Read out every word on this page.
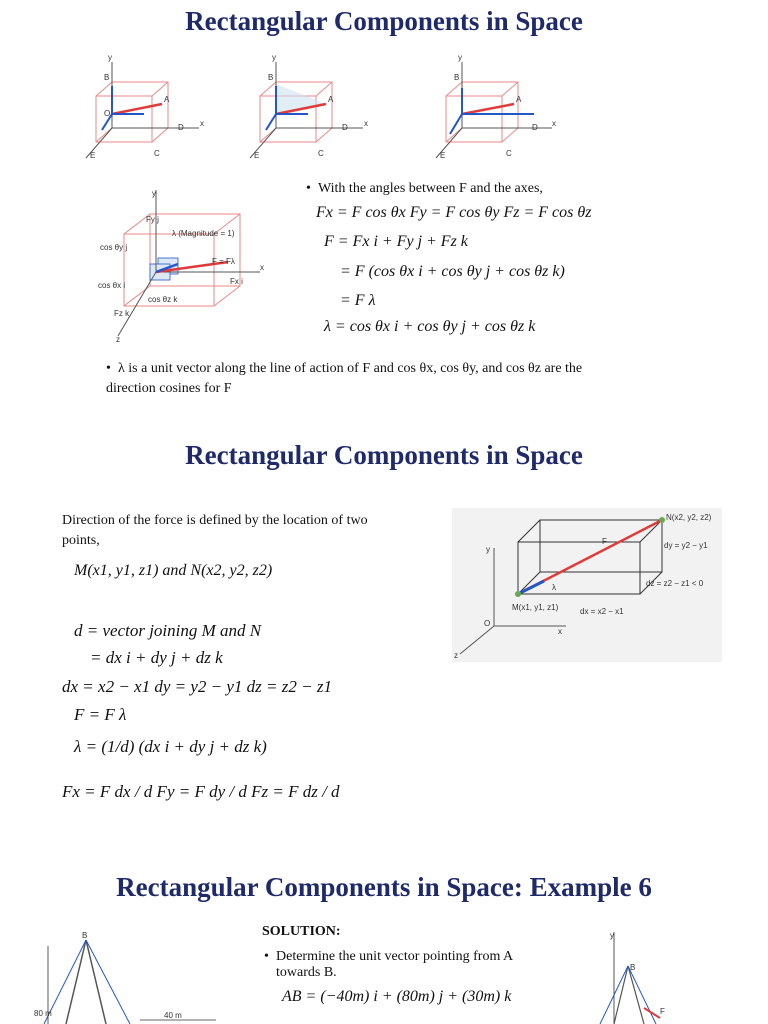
Rectangular Components in Space
y
x
B
O
A
D
C
E
y
x
B
A
D
C
E
y
x
B
A
D
C
E
y
x
z
λ (Magnitude = 1)
F = Fλ
cos θy j
cos θx i
cos θz k
Fy j
Fx i
Fz k
• With the angles between F and the axes,
Fx = F cos θx Fy = F cos θy Fz = F cos θz
F = Fx i + Fy j + Fz k
= F (cos θx i + cos θy j + cos θz k)
= F λ
λ = cos θx i + cos θy j + cos θz k
• λ is a unit vector along the line of action of F and cos θx, cos θy, and cos θz are the
direction cosines for F
Rectangular Components in Space
Direction of the force is defined by the location of two
points,
M(x1, y1, z1) and N(x2, y2, z2)
d = vector joining M and N
= dx i + dy j + dz k
dx = x2 − x1 dy = y2 − y1 dz = z2 − z1
F = F λ
λ = (1/d) (dx i + dy j + dz k)
Fx = F dx / d Fy = F dy / d Fz = F dz / d
N(x2, y2, z2)
M(x1, y1, z1)
dy = y2 − y1
dz = z2 − z1 < 0
dx = x2 − x1
F
λ
y
x
z
O
Rectangular Components in Space: Example 6
SOLUTION:
• Determine the unit vector pointing from A
towards B.
AB = (−40m) i + (80m) j + (30m) k
B
80 m	40 m
y
B
F
